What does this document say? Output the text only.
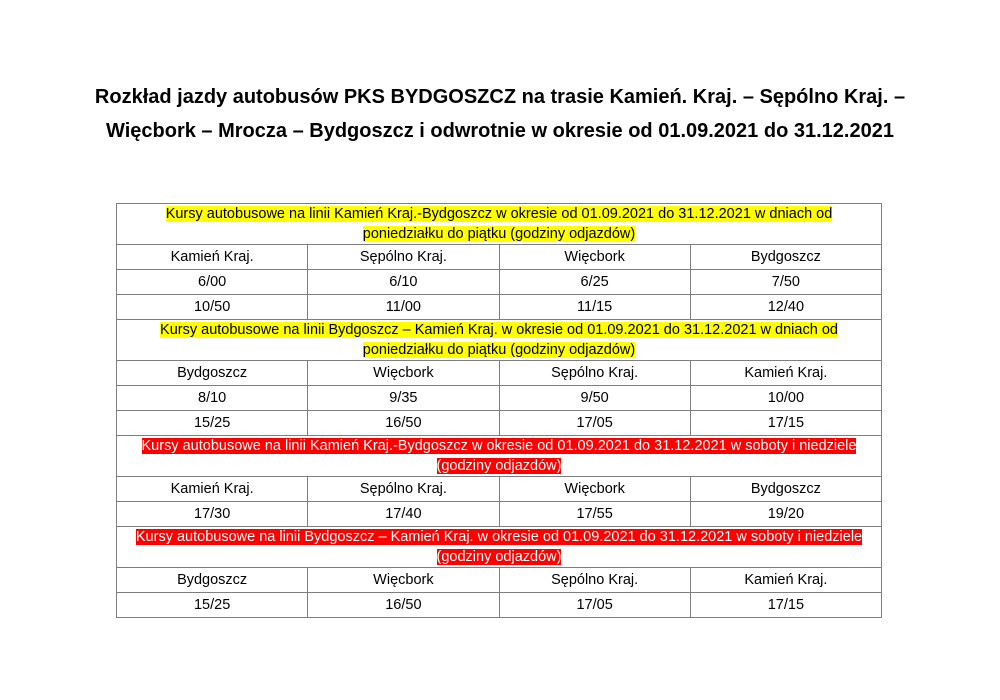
Rozkład jazdy autobusów PKS BYDGOSZCZ na trasie Kamień. Kraj. – Sępólno Kraj. –
Więcbork – Mrocza – Bydgoszcz i odwrotnie w okresie od 01.09.2021 do 31.12.2021
Kursy autobusowe na linii Kamień Kraj.-Bydgoszcz w okresie od 01.09.2021 do 31.12.2021 w dniach od
poniedziałku do piątku (godziny odjazdów)			
Kamień Kraj.	Sępólno Kraj.	Więcbork	Bydgoszcz
6/00	6/10	6/25	7/50
10/50	11/00	11/15	12/40
Kursy autobusowe na linii Bydgoszcz – Kamień Kraj. w okresie od 01.09.2021 do 31.12.2021 w dniach od
poniedziałku do piątku (godziny odjazdów)			
Bydgoszcz	Więcbork	Sępólno Kraj.	Kamień Kraj.
8/10	9/35	9/50	10/00
15/25	16/50	17/05	17/15
Kursy autobusowe na linii Kamień Kraj.-Bydgoszcz w okresie od 01.09.2021 do 31.12.2021 w soboty i niedziele
(godziny odjazdów)			
Kamień Kraj.	Sępólno Kraj.	Więcbork	Bydgoszcz
17/30	17/40	17/55	19/20
Kursy autobusowe na linii Bydgoszcz – Kamień Kraj. w okresie od 01.09.2021 do 31.12.2021 w soboty i niedziele
(godziny odjazdów)			
Bydgoszcz	Więcbork	Sępólno Kraj.	Kamień Kraj.
15/25	16/50	17/05	17/15
